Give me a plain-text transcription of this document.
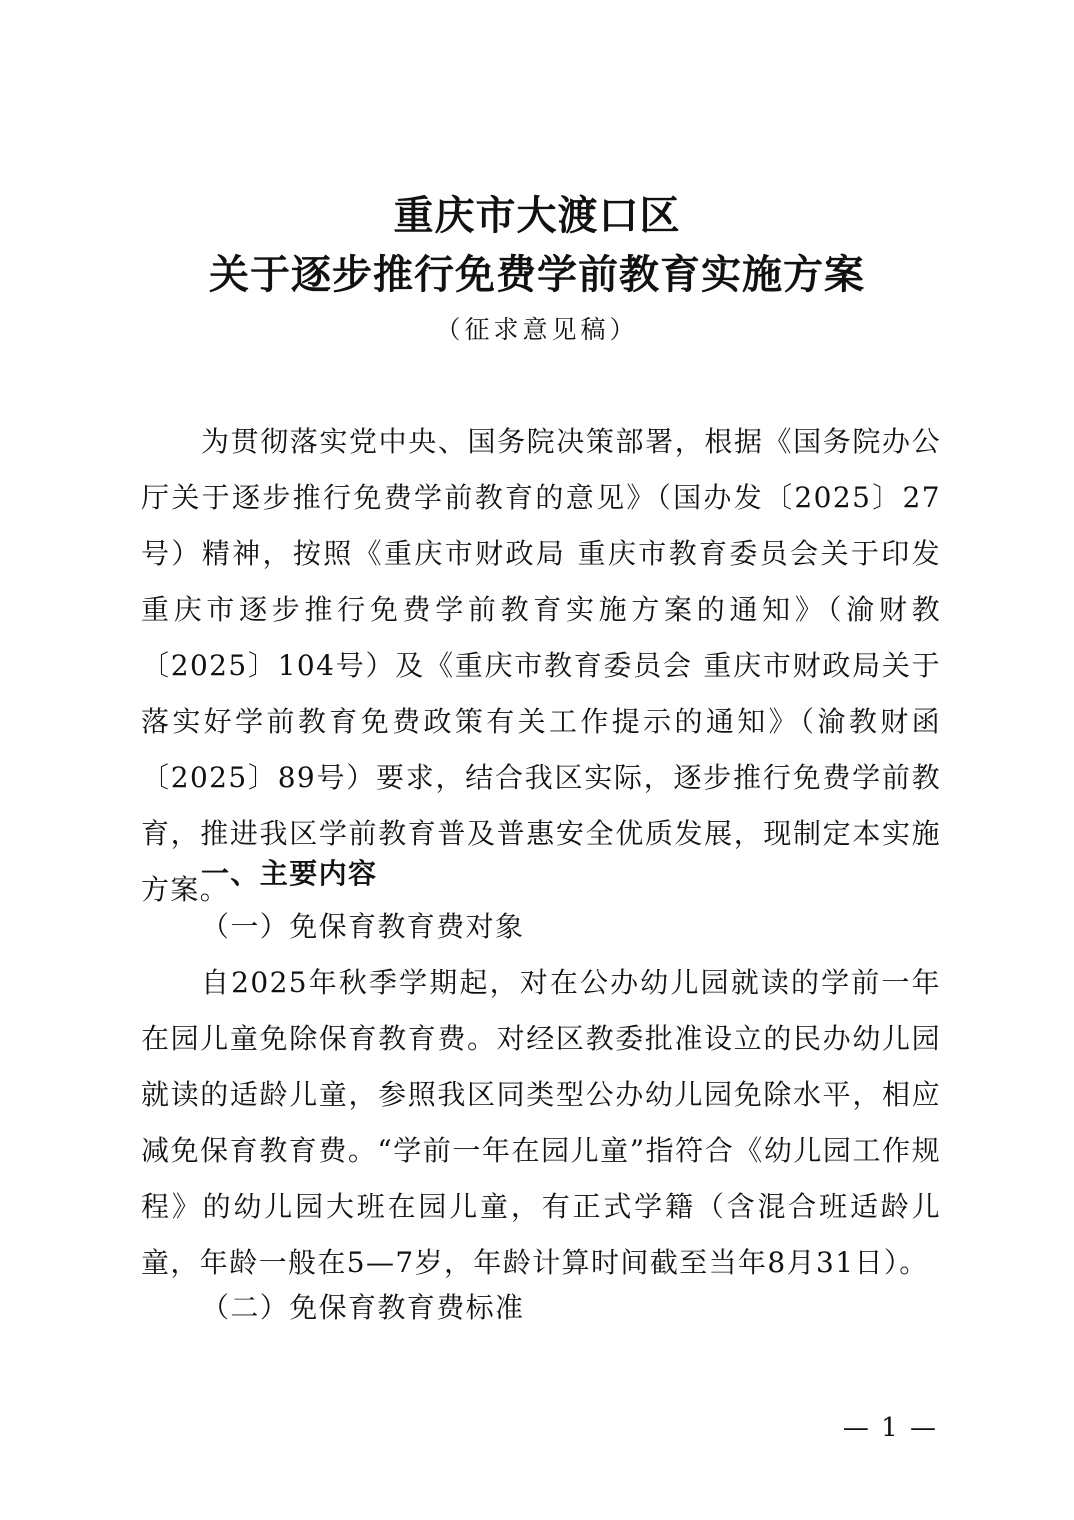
重庆市大渡口区
关于逐步推行免费学前教育实施方案
（征求意见稿）

为贯彻落实党中央、国务院决策部署，根据《国务院办公厅关于逐步推行免费学前教育的意见》（国办发〔2025〕27号）精神，按照《重庆市财政局 重庆市教育委员会关于印发重庆市逐步推行免费学前教育实施方案的通知》（渝财教〔2025〕104号）及《重庆市教育委员会 重庆市财政局关于落实好学前教育免费政策有关工作提示的通知》（渝教财函〔2025〕89号）要求，结合我区实际，逐步推行免费学前教育，推进我区学前教育普及普惠安全优质发展，现制定本实施方案。

一、主要内容
（一）免保育教育费对象

自2025年秋季学期起，对在公办幼儿园就读的学前一年在园儿童免除保育教育费。对经区教委批准设立的民办幼儿园就读的适龄儿童，参照我区同类型公办幼儿园免除水平，相应减免保育教育费。“学前一年在园儿童”指符合《幼儿园工作规程》的幼儿园大班在园儿童，有正式学籍（含混合班适龄儿童，年龄一般在5—7岁，年龄计算时间截至当年8月31日）。

（二）免保育教育费标准
— 1 —
